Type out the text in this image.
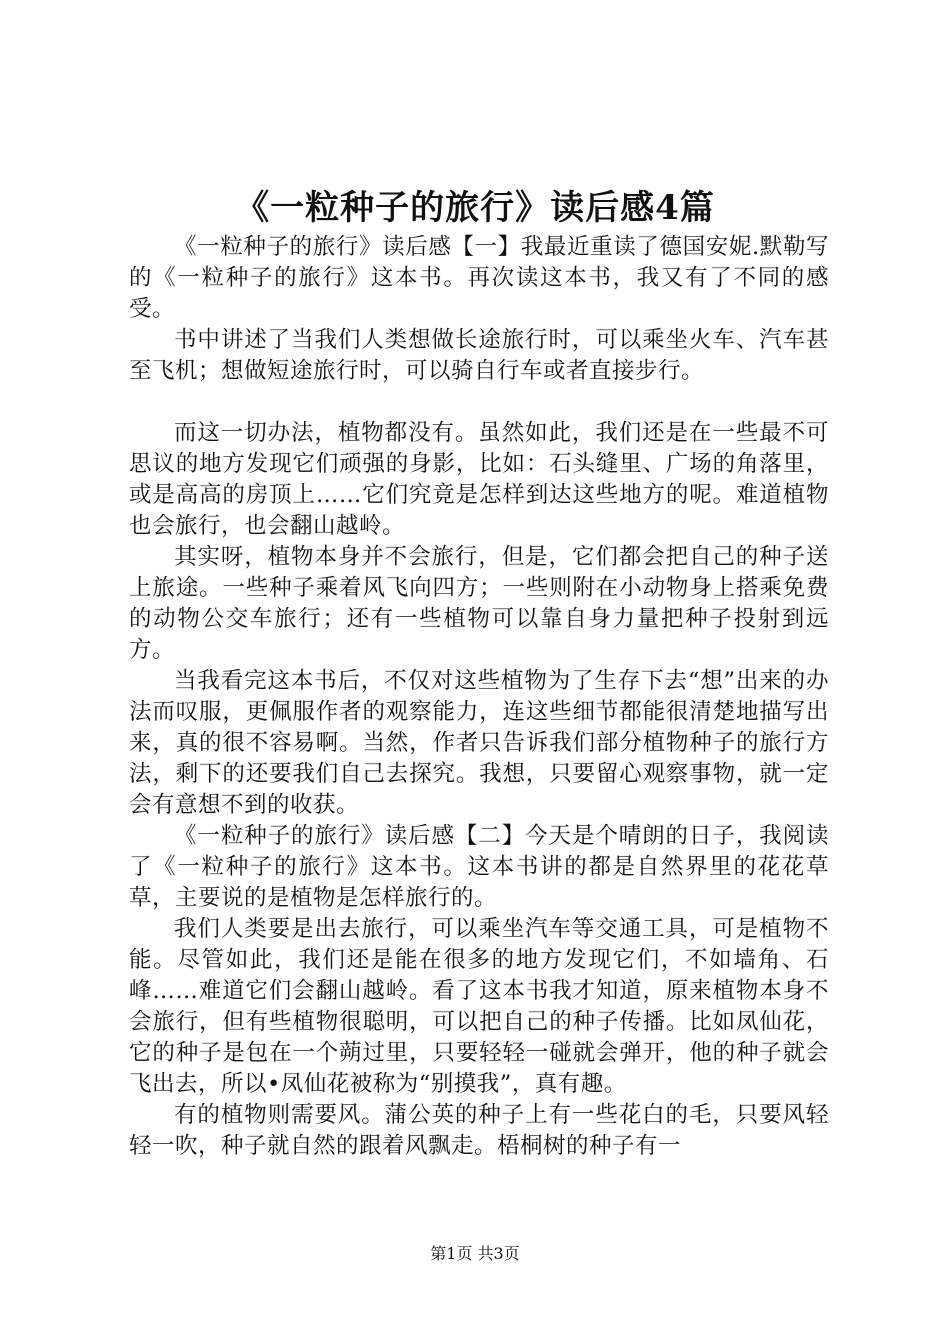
《一粒种子的旅行》读后感4篇

《一粒种子的旅行》读后感【一】我最近重读了德国安妮.默勒写的《一粒种子的旅行》这本书。再次读这本书，我又有了不同的感受。

书中讲述了当我们人类想做长途旅行时，可以乘坐火车、汽车甚至飞机；想做短途旅行时，可以骑自行车或者直接步行。

而这一切办法，植物都没有。虽然如此，我们还是在一些最不可思议的地方发现它们顽强的身影，比如：石头缝里、广场的角落里，或是高高的房顶上……它们究竟是怎样到达这些地方的呢。难道植物也会旅行，也会翻山越岭。

其实呀，植物本身并不会旅行，但是，它们都会把自己的种子送上旅途。一些种子乘着风飞向四方；一些则附在小动物身上搭乘免费的动物公交车旅行；还有一些植物可以靠自身力量把种子投射到远方。

当我看完这本书后，不仅对这些植物为了生存下去“想”出来的办法而叹服，更佩服作者的观察能力，连这些细节都能很清楚地描写出来，真的很不容易啊。当然，作者只告诉我们部分植物种子的旅行方法，剩下的还要我们自己去探究。我想，只要留心观察事物，就一定会有意想不到的收获。

《一粒种子的旅行》读后感【二】今天是个晴朗的日子，我阅读了《一粒种子的旅行》这本书。这本书讲的都是自然界里的花花草草，主要说的是植物是怎样旅行的。

我们人类要是出去旅行，可以乘坐汽车等交通工具，可是植物不能。尽管如此，我们还是能在很多的地方发现它们，不如墙角、石峰……难道它们会翻山越岭。看了这本书我才知道，原来植物本身不会旅行，但有些植物很聪明，可以把自己的种子传播。比如凤仙花，它的种子是包在一个蒴过里，只要轻轻一碰就会弹开，他的种子就会飞出去，所以•凤仙花被称为“别摸我”，真有趣。

有的植物则需要风。蒲公英的种子上有一些花白的毛，只要风轻轻一吹，种子就自然的跟着风飘走。梧桐树的种子有一

第1页 共3页
